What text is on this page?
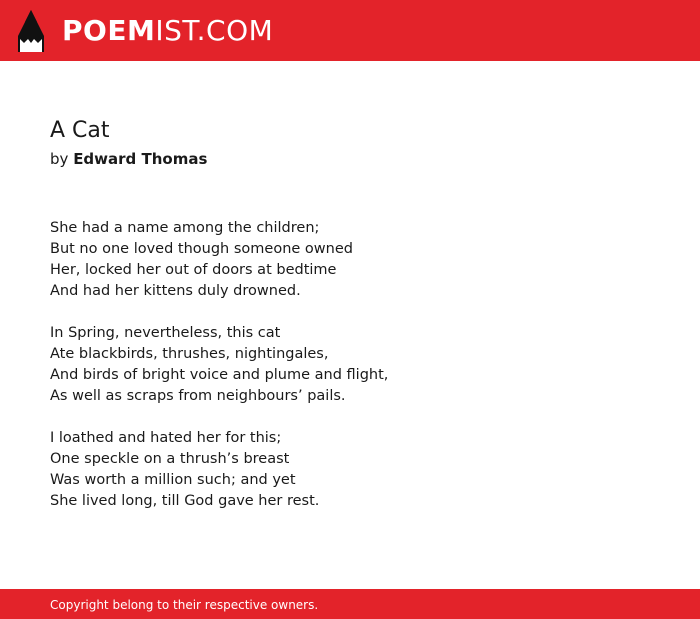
POEMIST.COM
A Cat
by Edward Thomas
She had a name among the children;
But no one loved though someone owned
Her, locked her out of doors at bedtime
And had her kittens duly drowned.
In Spring, nevertheless, this cat
Ate blackbirds, thrushes, nightingales,
And birds of bright voice and plume and flight,
As well as scraps from neighbours’ pails.
I loathed and hated her for this;
One speckle on a thrush’s breast
Was worth a million such; and yet
She lived long, till God gave her rest.
Copyright belong to their respective owners.
